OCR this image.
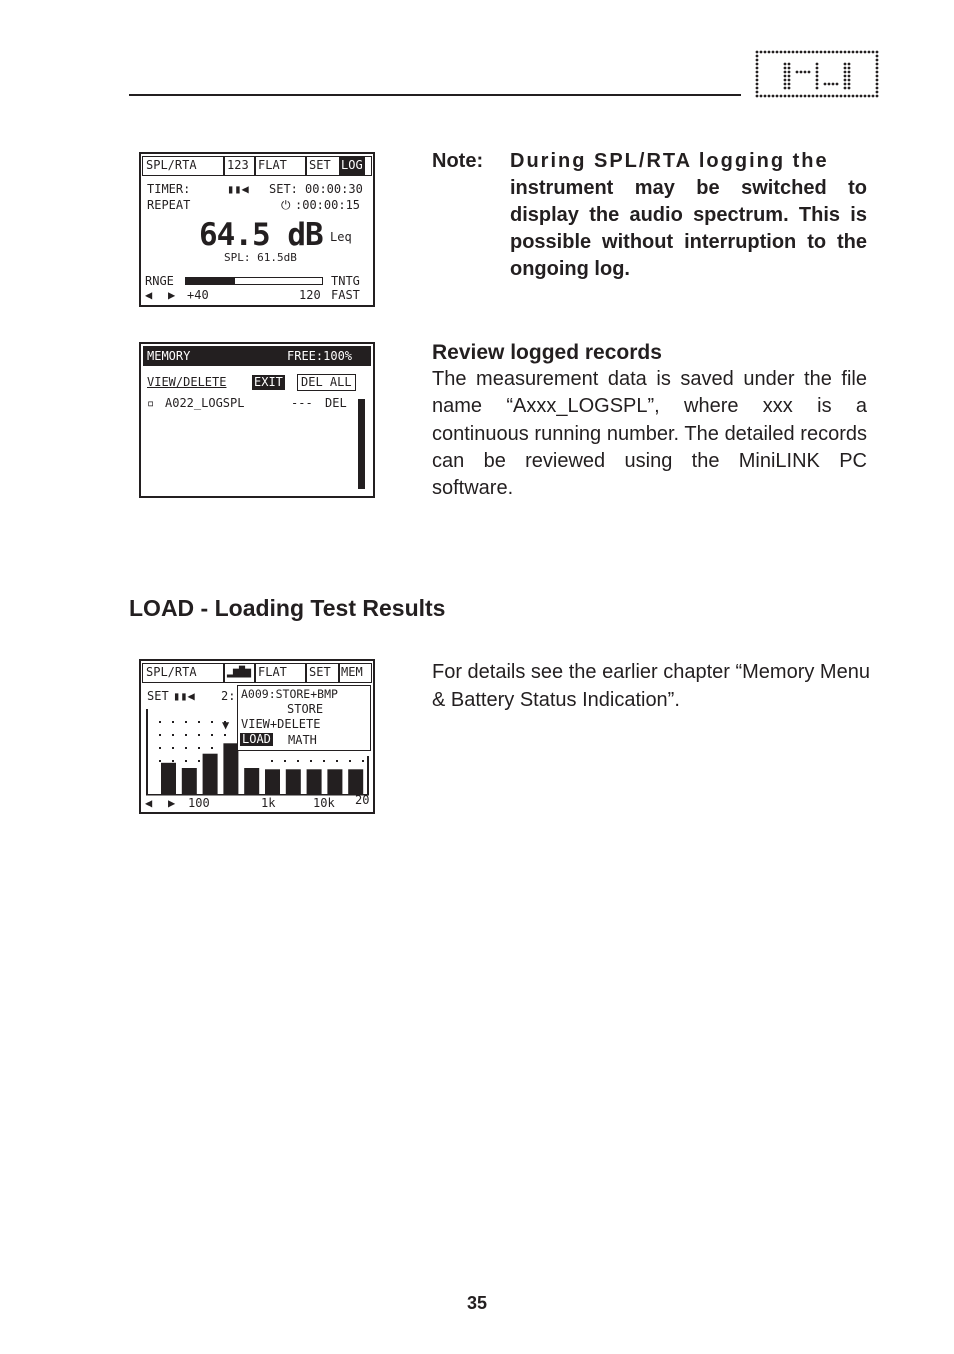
SPL/RTA	123 FLAT SET LOG
TIMER:	▮▮◀ SET: 00:00:30
REPEAT	⏻ :00:00:15
64.5 dB Leq
SPL: 61.5dB
RNGE	TNTG
◀ ▶ +40	120 FAST
Note: During SPL/RTA logging the
instrument may be switched to display the audio spectrum. This is possible without interruption to the ongoing log.

MEMORY	FREE:100%
VIEW/DELETE EXIT	DEL ALL
▫ A022_LOGSPL	--- DEL
Review logged records

The measurement data is saved under the file name “Axxx_LOGSPL”, where xxx is a continuous running number. The detailed records can be reviewed using the MiniLINK PC software.

LOAD - Loading Test Results
SPL/RTA	▂▆█▆ FLAT SET MEM
SET ▮▮◀ 2: A009:STORE+BMP
STORE
VIEW+DELETE
LOAD MATH
▼
◀ ▶ 100	1k	10k 20

For details see the earlier chapter “Memory Menu & Battery Status Indication”.

35
